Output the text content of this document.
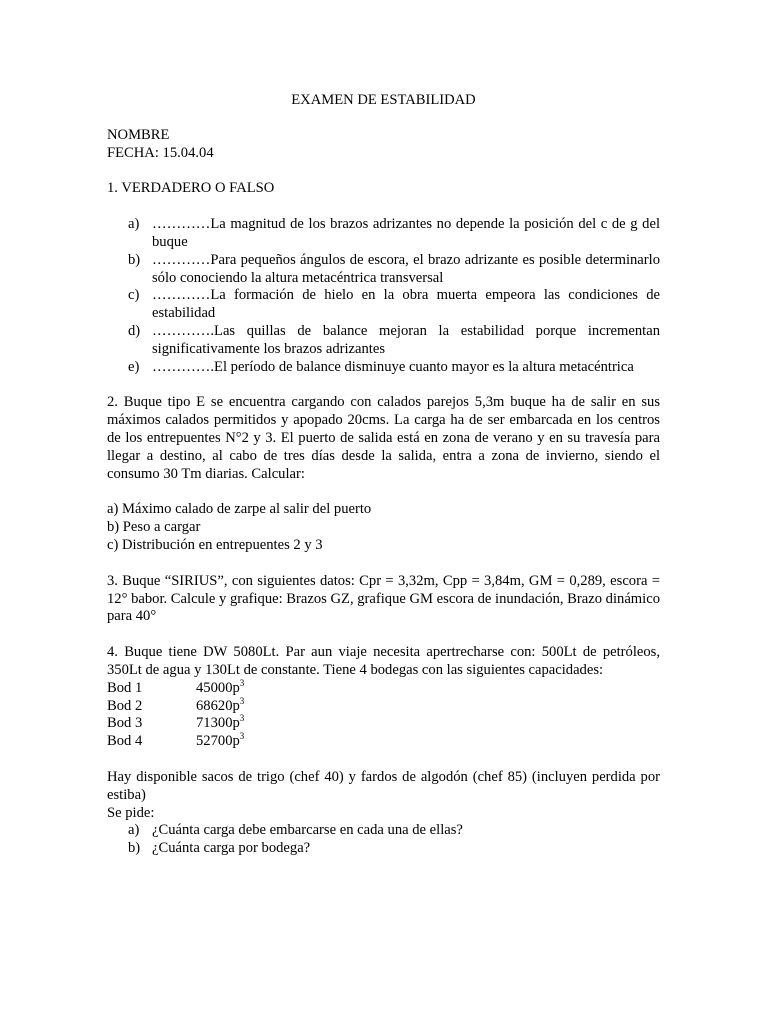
EXAMEN DE ESTABILIDAD

NOMBRE

FECHA: 15.04.04

1. VERDADERO O FALSO

a) …………La magnitud de los brazos adrizantes no depende la posición del c de g del buque
b) …………Para pequeños ángulos de escora, el brazo adrizante es posible determinarlo sólo conociendo la altura metacéntrica transversal
c) …………La formación de hielo en la obra muerta empeora las condiciones de estabilidad
d) ………….Las quillas de balance mejoran la estabilidad porque incrementan significativamente los brazos adrizantes
e) ………….El período de balance disminuye cuanto mayor es la altura metacéntrica

2. Buque tipo E se encuentra cargando con calados parejos 5,3m buque ha de salir en sus máximos calados permitidos y apopado 20cms. La carga ha de ser embarcada en los centros de los entrepuentes N°2 y 3. El puerto de salida está en zona de verano y en su travesía para llegar a destino, al cabo de tres días desde la salida, entra a zona de invierno, siendo el consumo 30 Tm diarias. Calcular:

a) Máximo calado de zarpe al salir del puerto

b) Peso a cargar

c) Distribución en entrepuentes 2 y 3

3. Buque “SIRIUS”, con siguientes datos: Cpr = 3,32m, Cpp = 3,84m, GM = 0,289, escora = 12° babor. Calcule y grafique: Brazos GZ, grafique GM escora de inundación, Brazo dinámico para 40°

4. Buque tiene DW 5080Lt. Par aun viaje necesita apertrecharse con: 500Lt de petróleos, 350Lt de agua y 130Lt de constante. Tiene 4 bodegas con las siguientes capacidades:

Bod 1	$45000p^3$
Bod 2	$68620p^3$
Bod 3	$71300p^3$
Bod 4	$52700p^3$

Hay disponible sacos de trigo (chef 40) y fardos de algodón (chef 85) (incluyen perdida por estiba)

Se pide:

a) ¿Cuánta carga debe embarcarse en cada una de ellas?
b) ¿Cuánta carga por bodega?
